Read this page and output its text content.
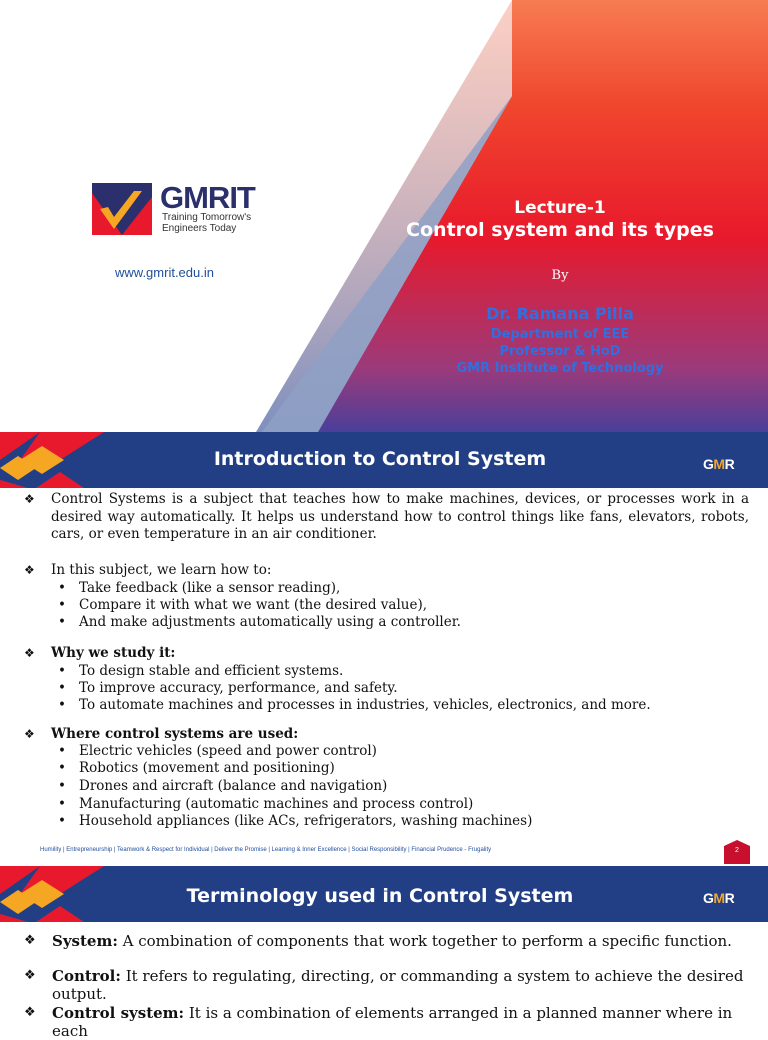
GMRIT
Training Tomorrow's Engineers Today
www.gmrit.edu.in
Lecture-1
Control system and its types
By
Dr. Ramana Pilla
Department of EEE
Professor & HoD
GMR Institute of Technology
Introduction to Control System	GMR
❖ Control Systems is a subject that teaches how to make machines, devices, or processes work in a desired way automatically. It helps us understand how to control things like fans, elevators, robots, cars, or even temperature in an air conditioner.
❖ In this subject, we learn how to:
• Take feedback (like a sensor reading),
• Compare it with what we want (the desired value),
• And make adjustments automatically using a controller.
❖ Why we study it:
• To design stable and efficient systems.
• To improve accuracy, performance, and safety.
• To automate machines and processes in industries, vehicles, electronics, and more.
❖ Where control systems are used:
• Electric vehicles (speed and power control)
• Robotics (movement and positioning)
• Drones and aircraft (balance and navigation)
• Manufacturing (automatic machines and process control)
• Household appliances (like ACs, refrigerators, washing machines)
Humility | Entrepreneurship | Teamwork & Respect for Individual | Deliver the Promise | Learning & Inner Excellence | Social Responsibility | Financial Prudence - Frugality	2
Terminology used in Control System	GMR
❖ System: A combination of components that work together to perform a specific function.
❖ Control: It refers to regulating, directing, or commanding a system to achieve the desired output.
❖ Control system: It is a combination of elements arranged in a planned manner where in each
